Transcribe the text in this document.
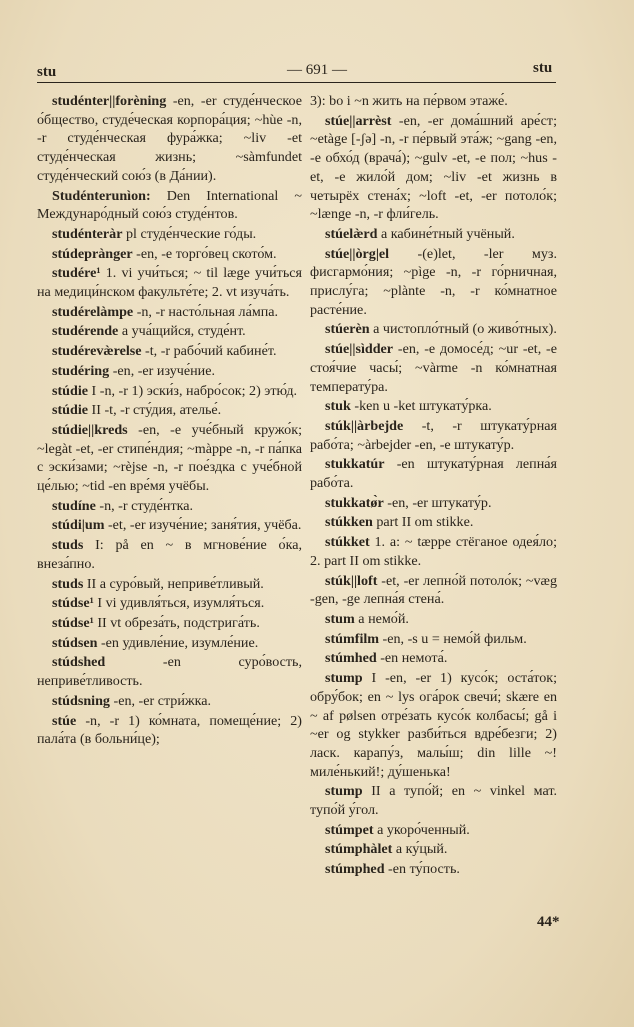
stu	— 691 —	stu
studénter||forèning -en, -er студе́нческое о́бщество, студе́ческая корпора́ция; ~hùe -n, -r студе́нческая фура́жка; ~liv -et студе́нческая жизнь; ~sàmfundet студе́нческий сою́з (в Да́нии).
Studénterunìon: Den International ~ Междунаро́дный сою́з студе́нтов.
studénteràr pl студе́нческие го́ды.
stúdepràngеr -en, -e торго́вец ското́м.
studére¹ 1. vi учи́ться; ~ til læge учи́ться на медици́нском факульте́те; 2. vt изуча́ть.
studérelàmpe -n, -r насто́льная ла́мпа.
studérende a уча́щийся, студе́нт.
studérevæ̀relse -t, -r рабо́чий кабине́т.
studéring -en, -er изуче́ние.
stúdie I -n, -r 1) эски́з, набро́сок; 2) этю́д.
stúdie II -t, -r сту́дия, ателье́.
stúdie||kreds -en, -e уче́бный кружо́к; ~legàt -et, -er стипе́ндия; ~màppe -n, -r па́пка с эски́зами; ~rèjse -n, -r пое́здка с уче́бной це́лью; ~tid -en вре́мя учёбы.
studíne -n, -r студе́нтка.
stúdi|um -et, -er изуче́ние; заня́тия, учёба.
studs I: på en ~ в мгнове́ние о́ка, внеза́пно.
studs II a суро́вый, неприве́тливый.
stúdse¹ I vi удивля́ться, изумля́ться.
stúdse¹ II vt обреза́ть, подстрига́ть.
stúdsen -en удивле́ние, изумле́ние.
stúdshed -en суро́вость, неприве́тливость.
stúdsning -en, -er стри́жка.
stúe -n, -r 1) ко́мната, помеще́ние; 2) пала́та (в больни́це);
3): bo i ~n жить на пе́рвом этаже́.
stúe||arrèst -en, -er дома́шний аре́ст; ~etàge [-ʃə] -n, -r пе́рвый эта́ж; ~gang -en, -e обхо́д (врача́); ~gulv -et, -e пол; ~hus -et, -e жило́й дом; ~liv -et жизнь в четырёх стена́х; ~loft -et, -er потоло́к; ~længe -n, -r фли́гель.
stúelæ̀rd a кабине́тный учёный.
stúe||òrg|el -(e)let, -ler муз. фисгармо́ния; ~pìge -n, -r го́рничная, прислу́га; ~plànte -n, -r ко́мнатное расте́ние.
stúerèn a чистопло́тный (о живо́тных).
stúe||sìdder -en, -e домосе́д; ~ur -et, -e стоя́чие часы́; ~vàrme -n ко́мнатная температу́ра.
stuk -ken u -ket штукату́рка.
stúk||àrbejde -t, -r штукату́рная рабо́та; ~àrbejder -en, -e штукату́р.
stukkatúr -en штукату́рная лепна́я рабо́та.
stukkatø̀r -en, -er штукату́р.
stúkken part II om stikke.
stúkket 1. a: ~ tæppe стёганое одея́ло; 2. part II om stikke.
stúk||loft -et, -er лепно́й потоло́к; ~væg -gen, -ge лепна́я стена́.
stum a немо́й.
stúmfilm -en, -s u = немо́й фильм.
stúmhed -en немота́.
stump I -en, -er 1) кусо́к; оста́ток; обру́бок; en ~ lys ога́рок свечи́; skære en ~ af pølsen отре́зать кусо́к колбасы́; gå i ~er og stykker разби́ться вдре́безги; 2) ласк. карапу́з, малы́ш; din lille ~! миле́нький!; ду́шенька!
stump II a тупо́й; en ~ vinkel мат. тупо́й у́гол.
stúmpet a укоро́ченный.
stúmphàlet a ку́цый.
stúmphed -en ту́пость.
44*
